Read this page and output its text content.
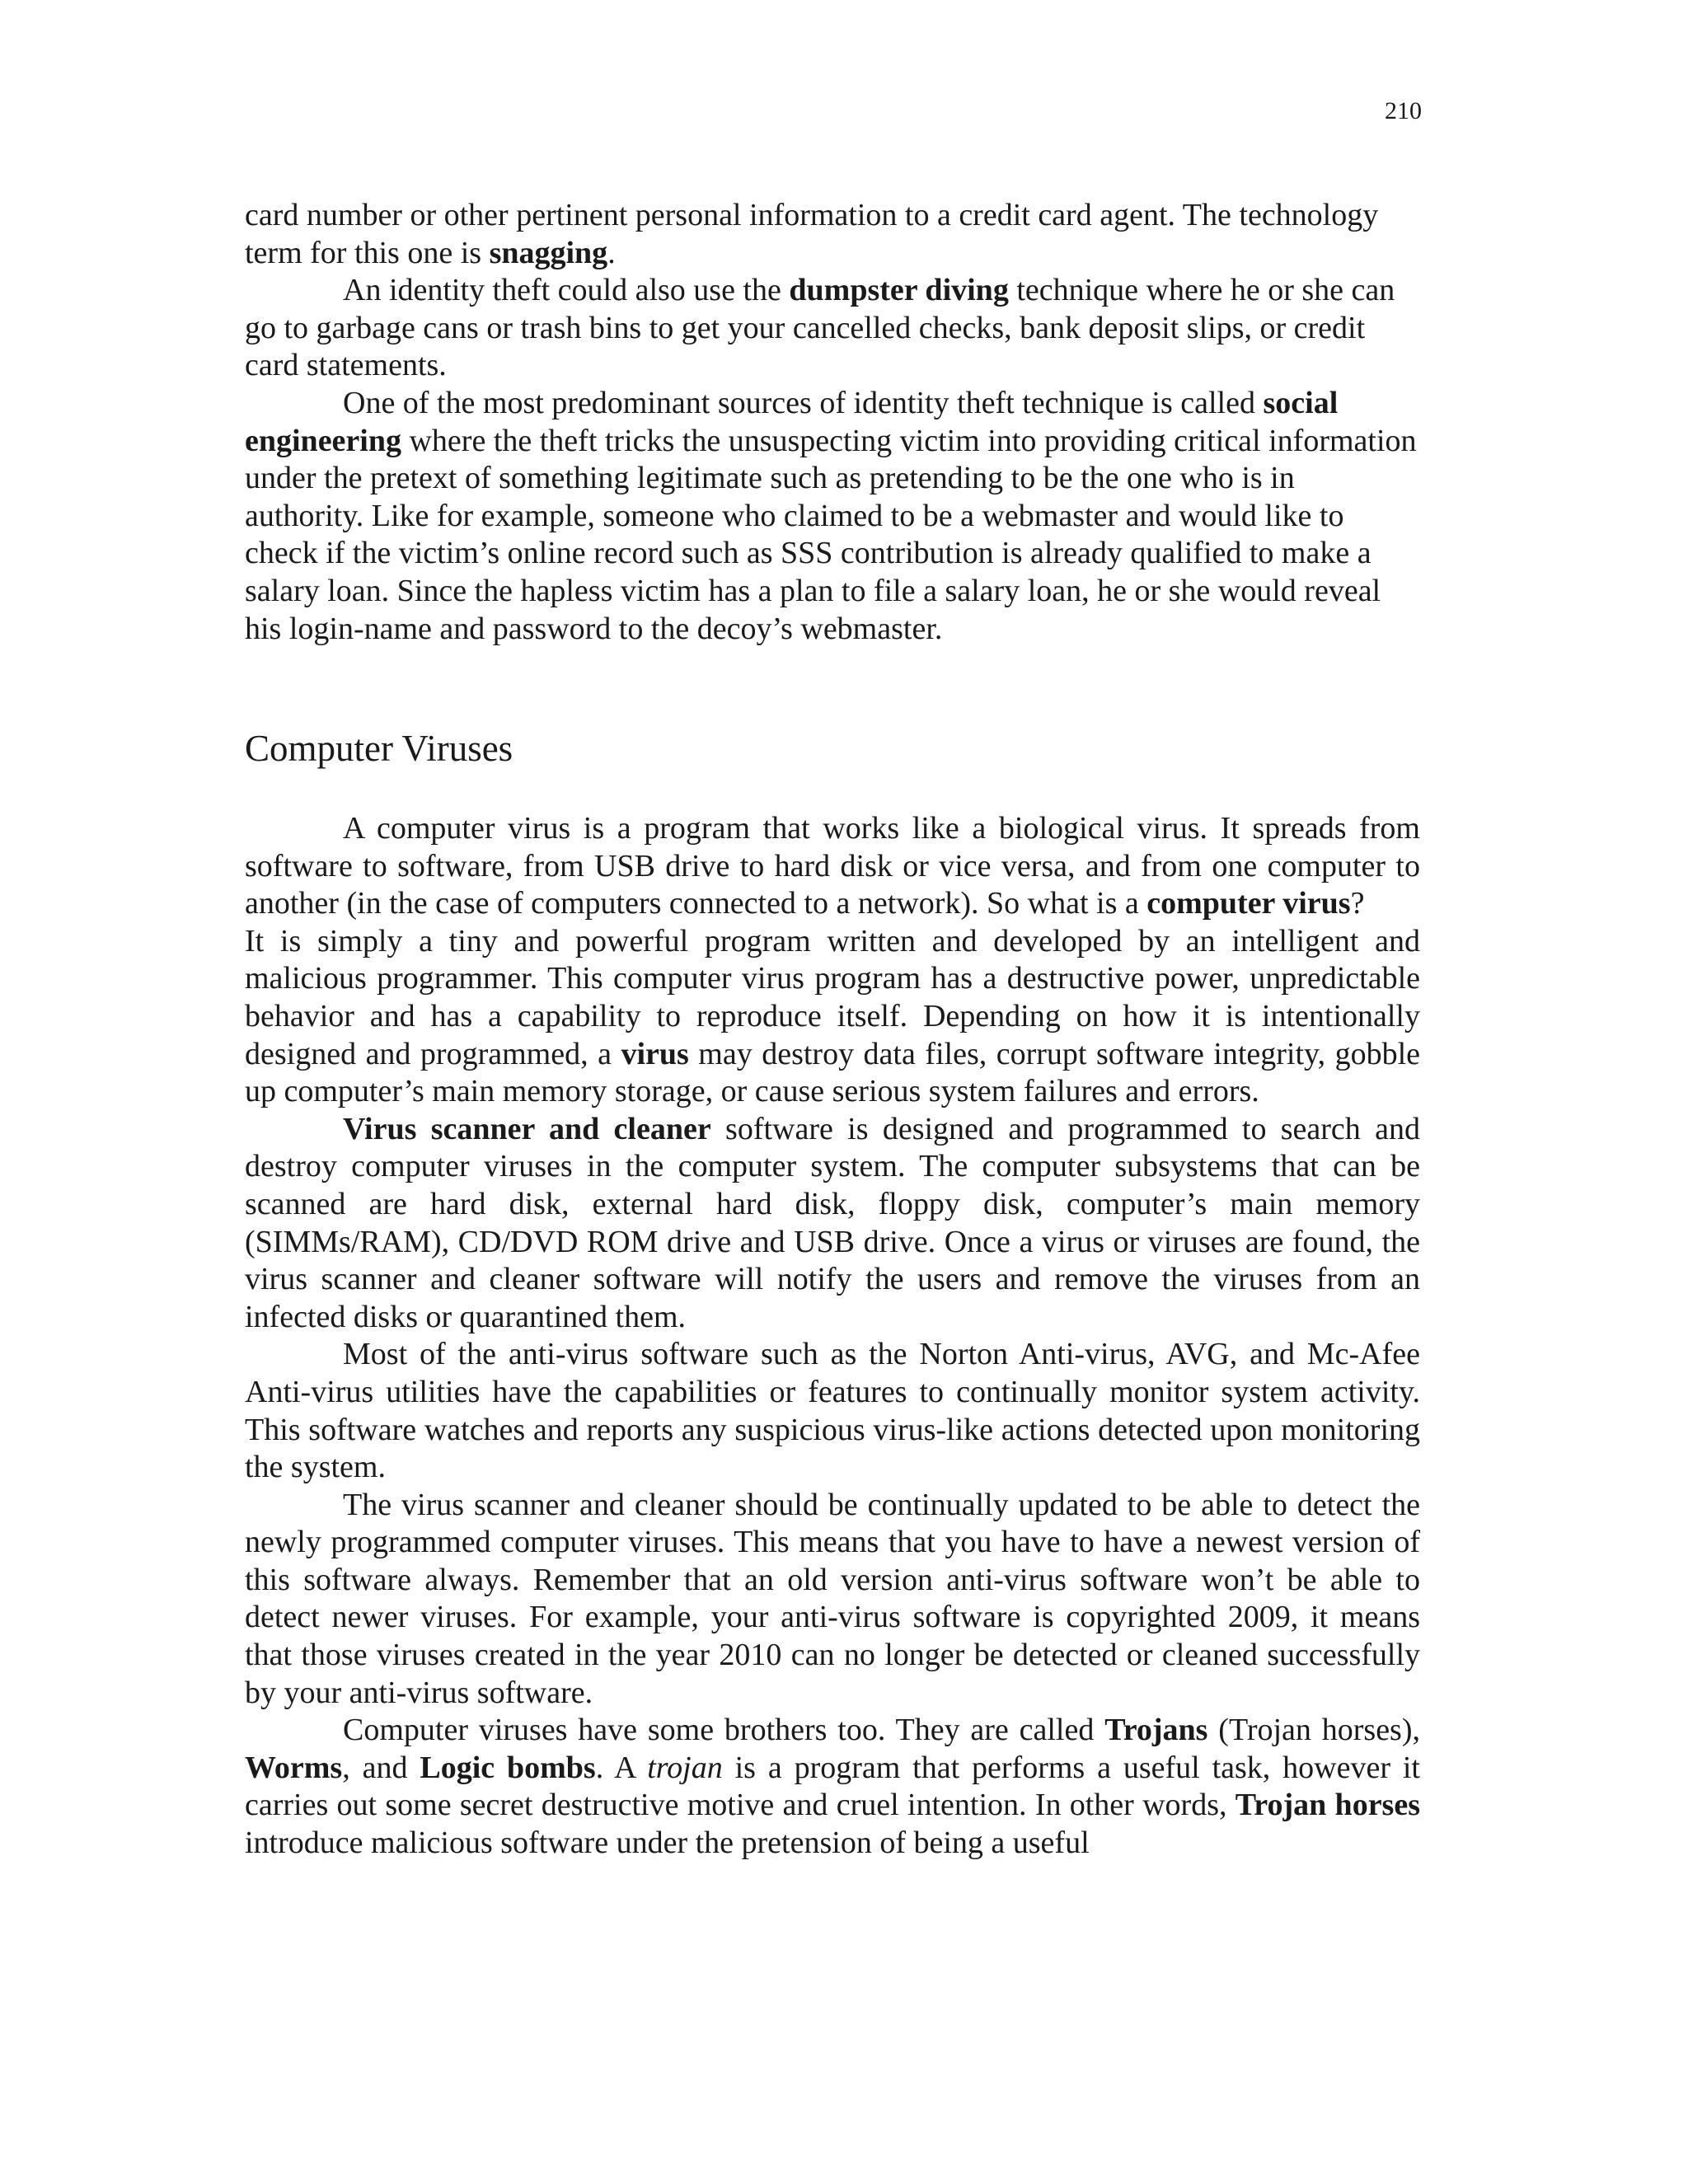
210

card number or other pertinent personal information to a credit card agent. The technology term for this one is snagging.

An identity theft could also use the dumpster diving technique where he or she can go to garbage cans or trash bins to get your cancelled checks, bank deposit slips, or credit card statements.

One of the most predominant sources of identity theft technique is called social engineering where the theft tricks the unsuspecting victim into providing critical information under the pretext of something legitimate such as pretending to be the one who is in authority. Like for example, someone who claimed to be a webmaster and would like to check if the victim’s online record such as SSS contribution is already qualified to make a salary loan. Since the hapless victim has a plan to file a salary loan, he or she would reveal his login-name and password to the decoy’s webmaster.

Computer Viruses

A computer virus is a program that works like a biological virus. It spreads from software to software, from USB drive to hard disk or vice versa, and from one computer to another (in the case of computers connected to a network). So what is a computer virus?

It is simply a tiny and powerful program written and developed by an intelligent and malicious programmer. This computer virus program has a destructive power, unpredictable behavior and has a capability to reproduce itself. Depending on how it is intentionally designed and programmed, a virus may destroy data files, corrupt software integrity, gobble up computer’s main memory storage, or cause serious system failures and errors.

Virus scanner and cleaner software is designed and programmed to search and destroy computer viruses in the computer system. The computer subsystems that can be scanned are hard disk, external hard disk, floppy disk, computer’s main memory (SIMMs/RAM), CD/DVD ROM drive and USB drive. Once a virus or viruses are found, the virus scanner and cleaner software will notify the users and remove the viruses from an infected disks or quarantined them.

Most of the anti-virus software such as the Norton Anti-virus, AVG, and Mc-Afee Anti-virus utilities have the capabilities or features to continually monitor system activity. This software watches and reports any suspicious virus-like actions detected upon monitoring the system.

The virus scanner and cleaner should be continually updated to be able to detect the newly programmed computer viruses. This means that you have to have a newest version of this software always. Remember that an old version anti-virus software won’t be able to detect newer viruses. For example, your anti-virus software is copyrighted 2009, it means that those viruses created in the year 2010 can no longer be detected or cleaned successfully by your anti-virus software.

Computer viruses have some brothers too. They are called Trojans (Trojan horses), Worms, and Logic bombs. A trojan is a program that performs a useful task, however it carries out some secret destructive motive and cruel intention. In other words, Trojan horses introduce malicious software under the pretension of being a useful
